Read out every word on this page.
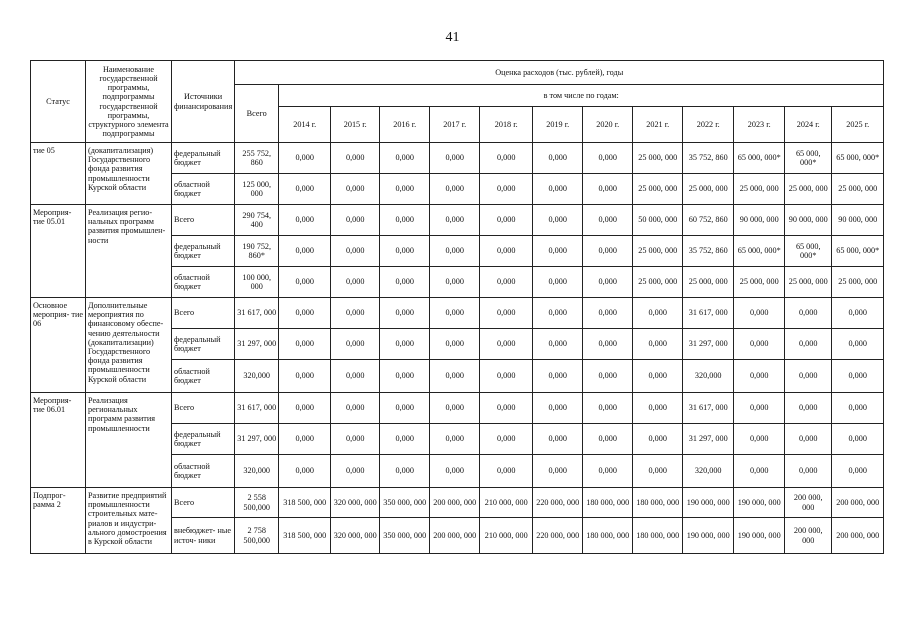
41
Статус	Наименование государственной программы, подпрограммы государственной программы, структурного элемента подпрограммы	Источники финансирования	Оценка расходов (тыс. рублей), годы												
			Всего	в том числе по годам:											
				2014 г.	2015 г.	2016 г.	2017 г.	2018 г.	2019 г.	2020 г.	2021 г.	2022 г.	2023 г.	2024 г.	2025 г.
тие 05	(докапитализация) Государственного фонда развития промышленности Курской области	федеральный бюджет	255 752, 860	0,000	0,000	0,000	0,000	0,000	0,000	0,000	25 000, 000	35 752, 860	65 000, 000*	65 000, 000*	65 000, 000*
		областной бюджет	125 000, 000	0,000	0,000	0,000	0,000	0,000	0,000	0,000	25 000, 000	25 000, 000	25 000, 000	25 000, 000	25 000, 000
Мероприя- тие 05.01	Реализация регио- нальных программ развития промышлен- ности	Всего	290 754, 400	0,000	0,000	0,000	0,000	0,000	0,000	0,000	50 000, 000	60 752, 860	90 000, 000	90 000, 000	90 000, 000
		федеральный бюджет	190 752, 860*	0,000	0,000	0,000	0,000	0,000	0,000	0,000	25 000, 000	35 752, 860	65 000, 000*	65 000, 000*	65 000, 000*
		областной бюджет	100 000, 000	0,000	0,000	0,000	0,000	0,000	0,000	0,000	25 000, 000	25 000, 000	25 000, 000	25 000, 000	25 000, 000
Основное мероприя- тие 06	Дополнительные мероприятия по финансовому обеспе- чению деятельности (докапитализации) Государственного фонда развития промышленности Курской области	Всего	31 617, 000	0,000	0,000	0,000	0,000	0,000	0,000	0,000	0,000	31 617, 000	0,000	0,000	0,000
		федеральный бюджет	31 297, 000	0,000	0,000	0,000	0,000	0,000	0,000	0,000	0,000	31 297, 000	0,000	0,000	0,000
		областной бюджет	320,000	0,000	0,000	0,000	0,000	0,000	0,000	0,000	0,000	320,000	0,000	0,000	0,000
Мероприя- тие 06.01	Реализация региональных программ развития промышленности	Всего	31 617, 000	0,000	0,000	0,000	0,000	0,000	0,000	0,000	0,000	31 617, 000	0,000	0,000	0,000
		федеральный бюджет	31 297, 000	0,000	0,000	0,000	0,000	0,000	0,000	0,000	0,000	31 297, 000	0,000	0,000	0,000
		областной бюджет	320,000	0,000	0,000	0,000	0,000	0,000	0,000	0,000	0,000	320,000	0,000	0,000	0,000
Подпрог- рамма 2	Развитие предприятий промышленности строительных мате- риалов и индустри- ального домостроения в Курской области	Всего	2 558 500,000	318 500, 000	320 000, 000	350 000, 000	200 000, 000	210 000, 000	220 000, 000	180 000, 000	180 000, 000	190 000, 000	190 000, 000	200 000, 000	200 000, 000
		внебюджет- ные источ- ники	2 758 500,000	318 500, 000	320 000, 000	350 000, 000	200 000, 000	210 000, 000	220 000, 000	180 000, 000	180 000, 000	190 000, 000	190 000, 000	200 000, 000	200 000, 000
